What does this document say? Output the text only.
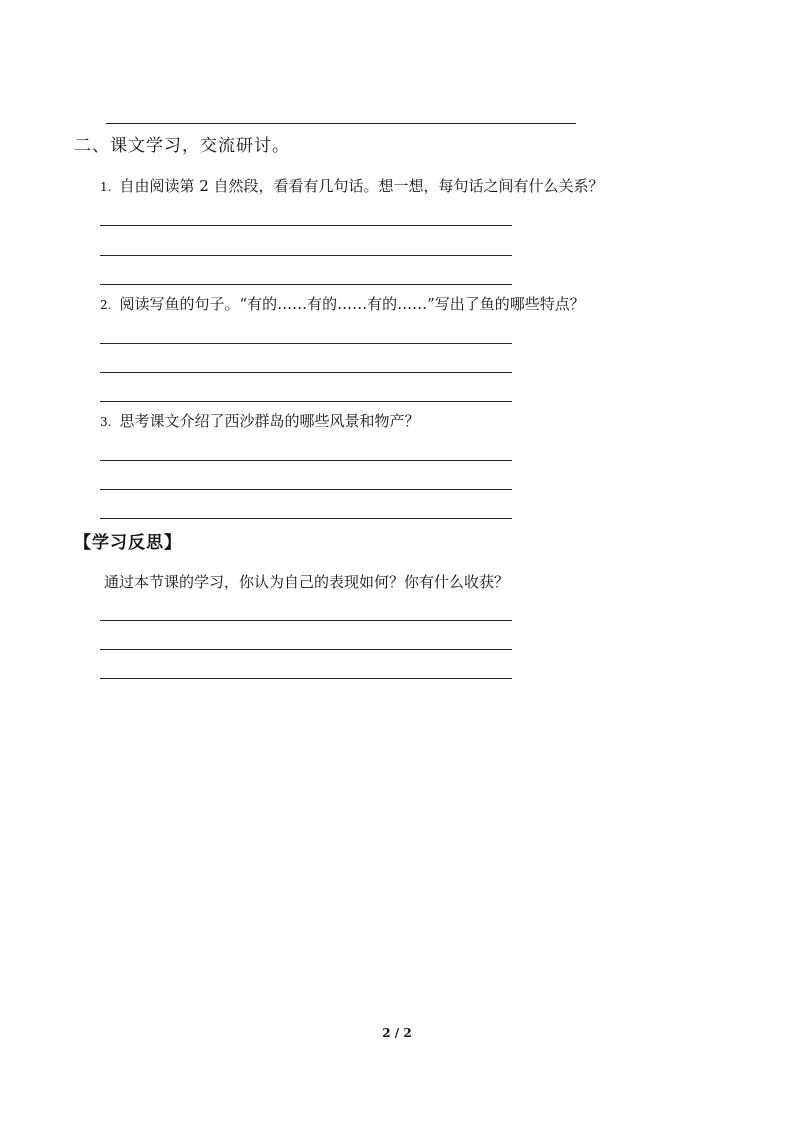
二、课文学习，交流研讨。
1. 自由阅读第 2 自然段，看看有几句话。想一想，每句话之间有什么关系？
2. 阅读写鱼的句子。“有的……有的……有的……”写出了鱼的哪些特点？
3. 思考课文介绍了西沙群岛的哪些风景和物产？
【学习反思】
通过本节课的学习，你认为自己的表现如何？你有什么收获？
2 / 2
